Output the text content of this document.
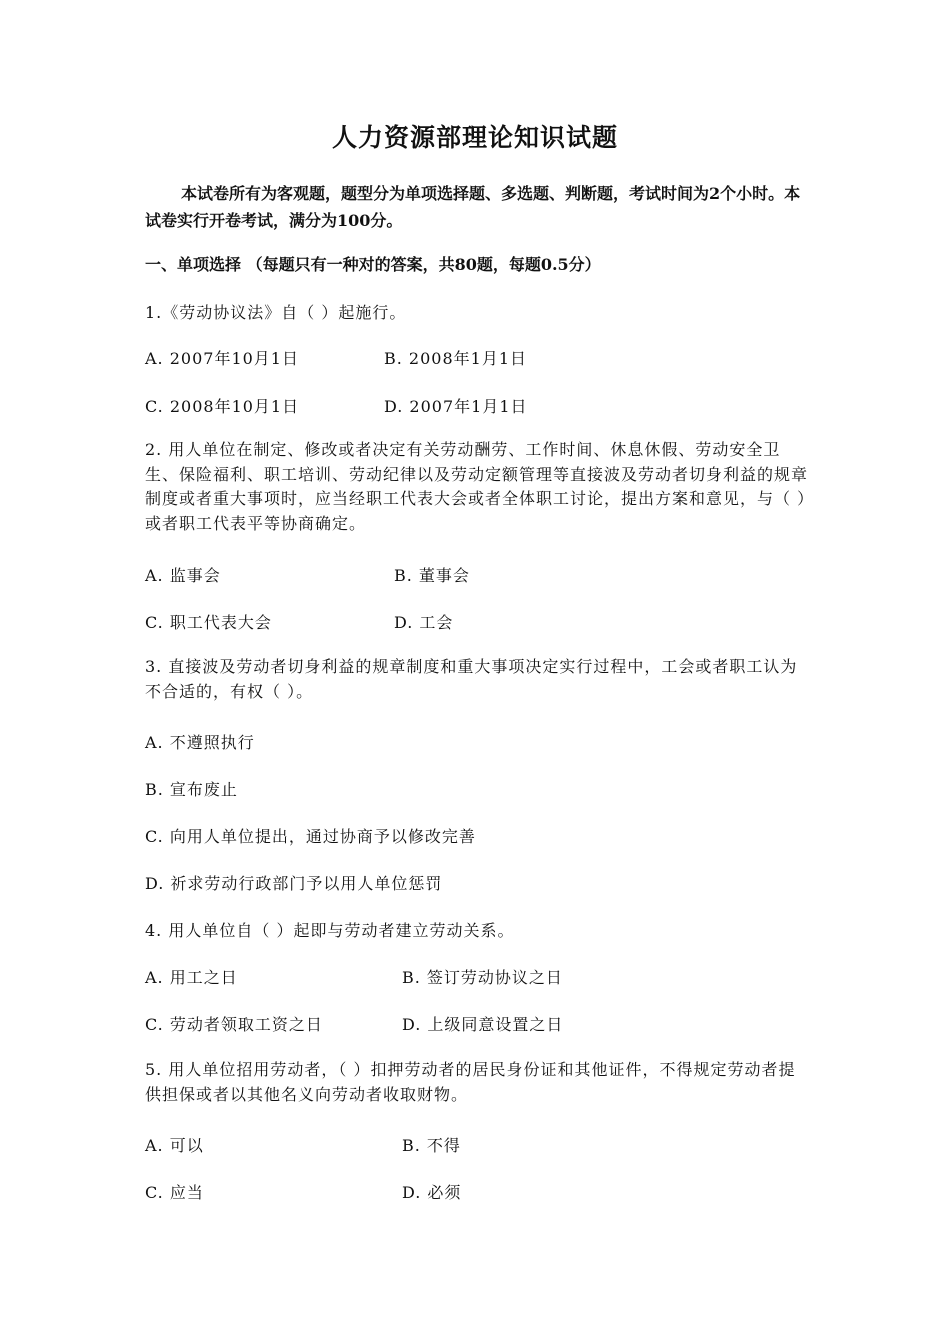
人力资源部理论知识试题
本试卷所有为客观题，题型分为单项选择题、多选题、判断题，考试时间为2个小时。本试卷实行开卷考试，满分为100分。
一、单项选择 （每题只有一种对的答案，共80题，每题0.5分）
1.《劳动协议法》自（ ）起施行。
A. 2007年10月1日	B. 2008年1月1日
C. 2008年10月1日	D. 2007年1月1日
2. 用人单位在制定、修改或者决定有关劳动酬劳、工作时间、休息休假、劳动安全卫生、保险福利、职工培训、劳动纪律以及劳动定额管理等直接波及劳动者切身利益的规章制度或者重大事项时，应当经职工代表大会或者全体职工讨论，提出方案和意见，与（ ）或者职工代表平等协商确定。
A. 监事会	B. 董事会
C. 职工代表大会	D. 工会
3. 直接波及劳动者切身利益的规章制度和重大事项决定实行过程中，工会或者职工认为不合适的，有权（ ）。
A. 不遵照执行
B. 宣布废止
C. 向用人单位提出，通过协商予以修改完善
D. 祈求劳动行政部门予以用人单位惩罚
4. 用人单位自（ ）起即与劳动者建立劳动关系。
A. 用工之日	B. 签订劳动协议之日
C. 劳动者领取工资之日	D. 上级同意设置之日
5. 用人单位招用劳动者，（ ）扣押劳动者的居民身份证和其他证件，不得规定劳动者提供担保或者以其他名义向劳动者收取财物。
A. 可以	B. 不得
C. 应当	D. 必须
